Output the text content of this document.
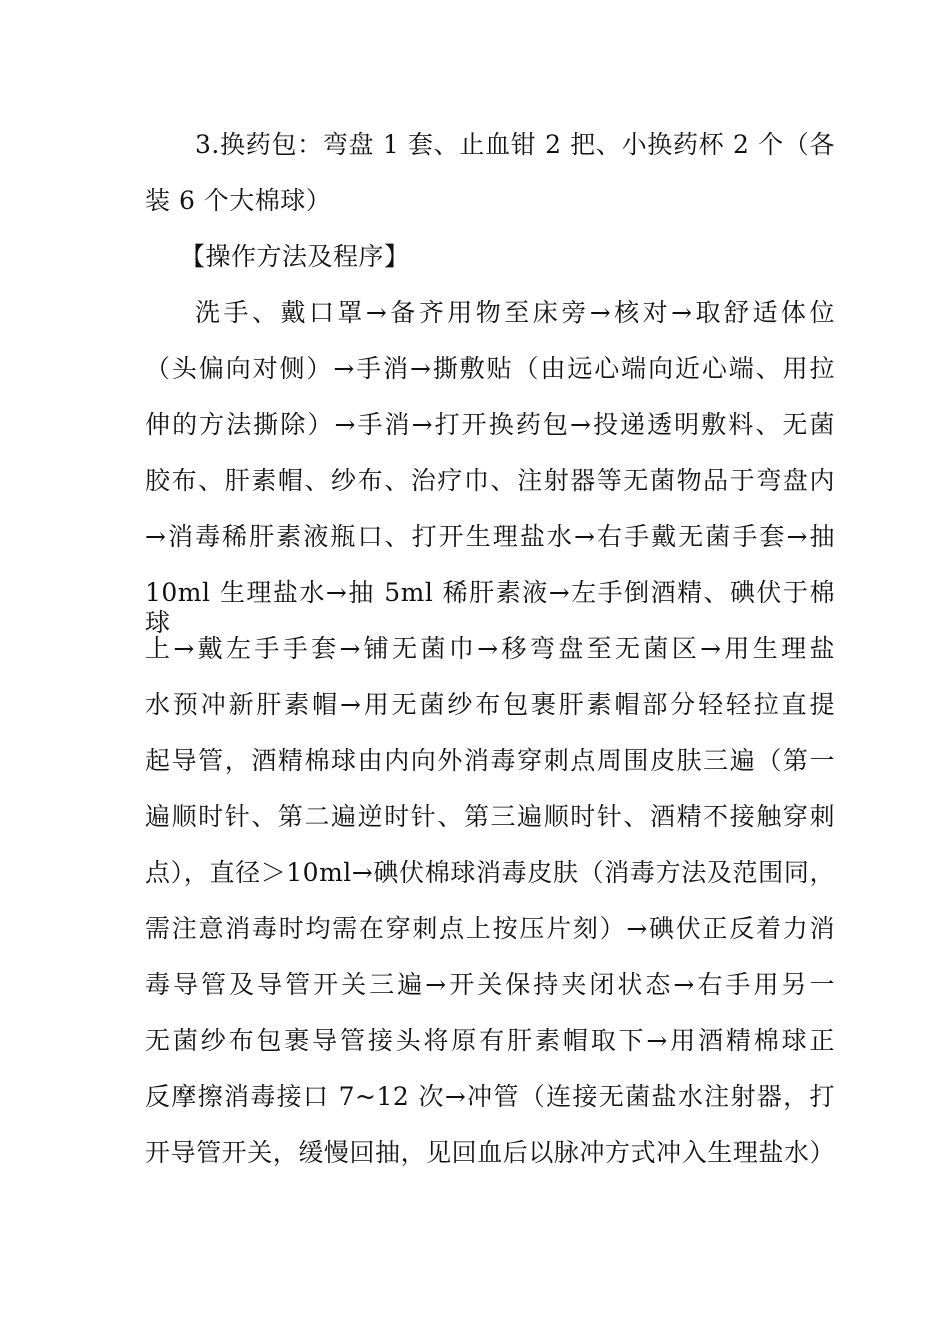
3.换药包：弯盘 1 套、止血钳 2 把、小换药杯 2 个（各
装 6 个大棉球）
【操作方法及程序】
洗手、戴口罩→备齐用物至床旁→核对→取舒适体位
（头偏向对侧）→手消→撕敷贴（由远心端向近心端、用拉
伸的方法撕除）→手消→打开换药包→投递透明敷料、无菌
胶布、肝素帽、纱布、治疗巾、注射器等无菌物品于弯盘内
→消毒稀肝素液瓶口、打开生理盐水→右手戴无菌手套→抽
10ml 生理盐水→抽 5ml 稀肝素液→左手倒酒精、碘伏于棉球
上→戴左手手套→铺无菌巾→移弯盘至无菌区→用生理盐
水预冲新肝素帽→用无菌纱布包裹肝素帽部分轻轻拉直提
起导管，酒精棉球由内向外消毒穿刺点周围皮肤三遍（第一
遍顺时针、第二遍逆时针、第三遍顺时针、酒精不接触穿刺
点），直径＞10ml→碘伏棉球消毒皮肤（消毒方法及范围同，
需注意消毒时均需在穿刺点上按压片刻）→碘伏正反着力消
毒导管及导管开关三遍→开关保持夹闭状态→右手用另一
无菌纱布包裹导管接头将原有肝素帽取下→用酒精棉球正
反摩擦消毒接口 7~12 次→冲管（连接无菌盐水注射器，打
开导管开关，缓慢回抽，见回血后以脉冲方式冲入生理盐水）
